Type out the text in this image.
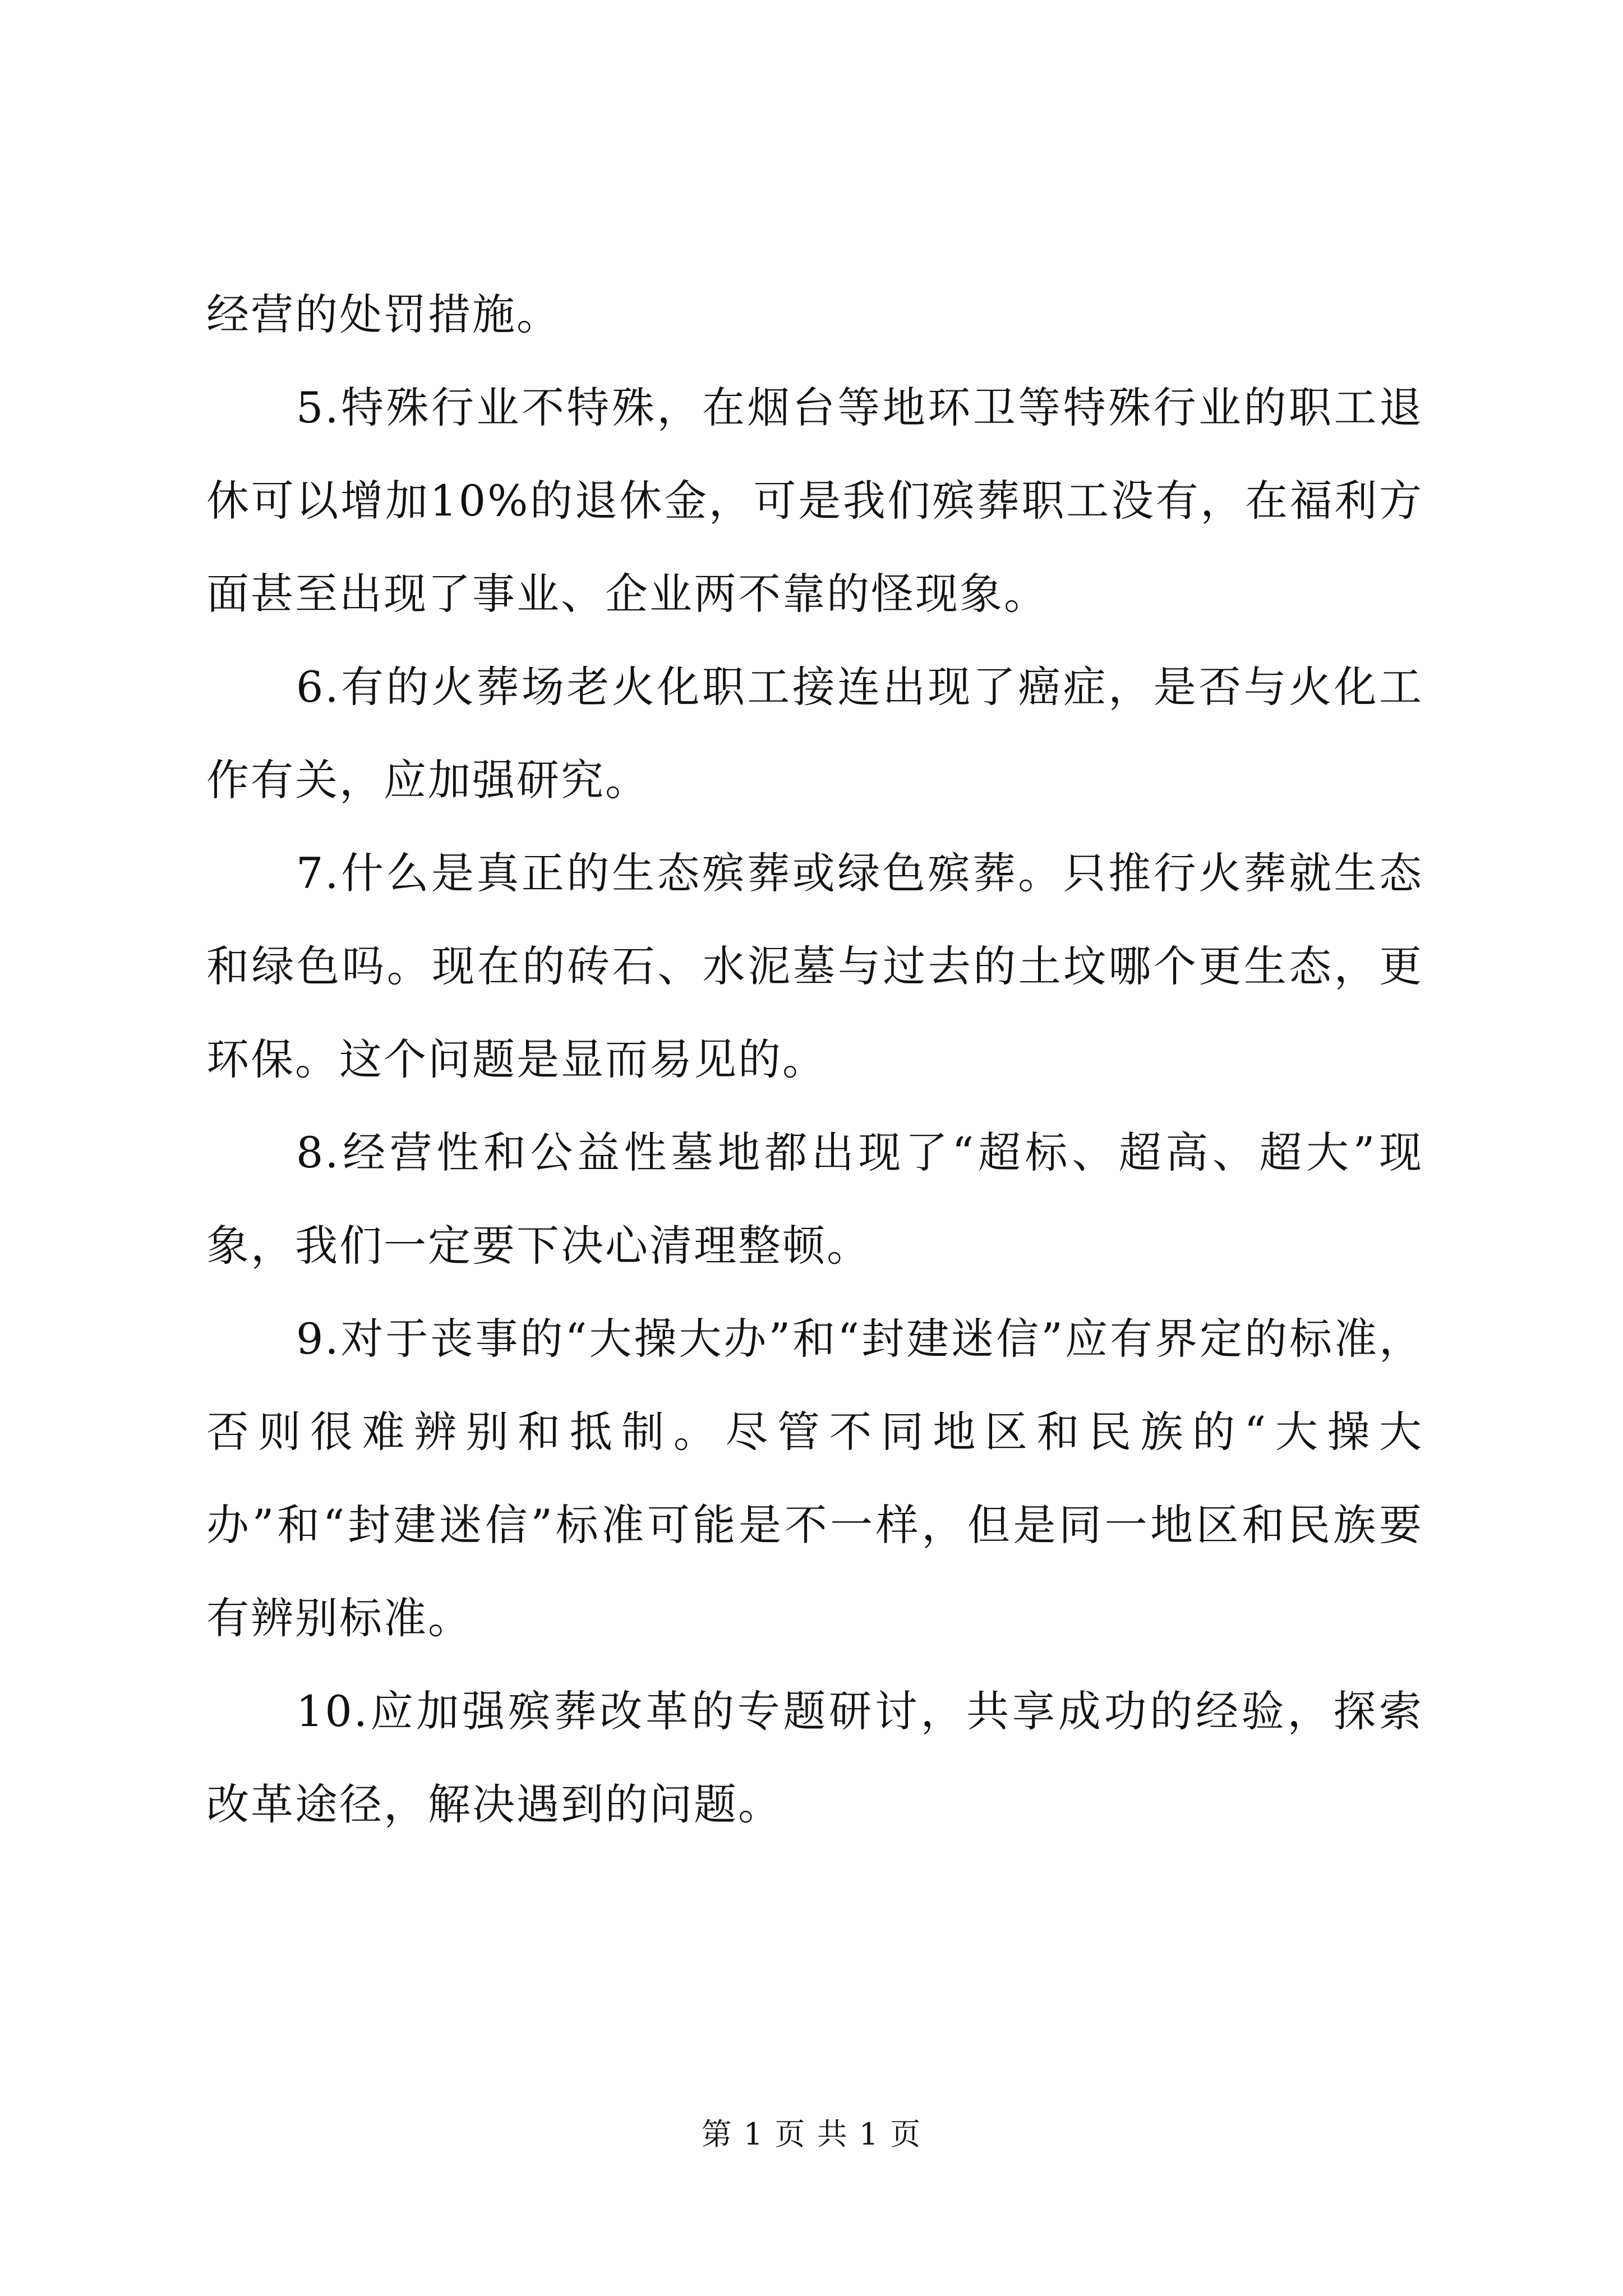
经营的处罚措施。

5.特殊行业不特殊，在烟台等地环卫等特殊行业的职工退休可以增加10%的退休金，可是我们殡葬职工没有，在福利方面甚至出现了事业、企业两不靠的怪现象。

6.有的火葬场老火化职工接连出现了癌症，是否与火化工作有关，应加强研究。

7.什么是真正的生态殡葬或绿色殡葬。只推行火葬就生态和绿色吗。现在的砖石、水泥墓与过去的土坟哪个更生态，更环保。这个问题是显而易见的。

8.经营性和公益性墓地都出现了“超标、超高、超大”现象，我们一定要下决心清理整顿。

9.对于丧事的“大操大办”和“封建迷信”应有界定的标准，否则很难辨别和抵制。尽管不同地区和民族的“大操大办”和“封建迷信”标准可能是不一样，但是同一地区和民族要有辨别标准。

10.应加强殡葬改革的专题研讨，共享成功的经验，探索改革途径，解决遇到的问题。

第 1 页 共 1 页
